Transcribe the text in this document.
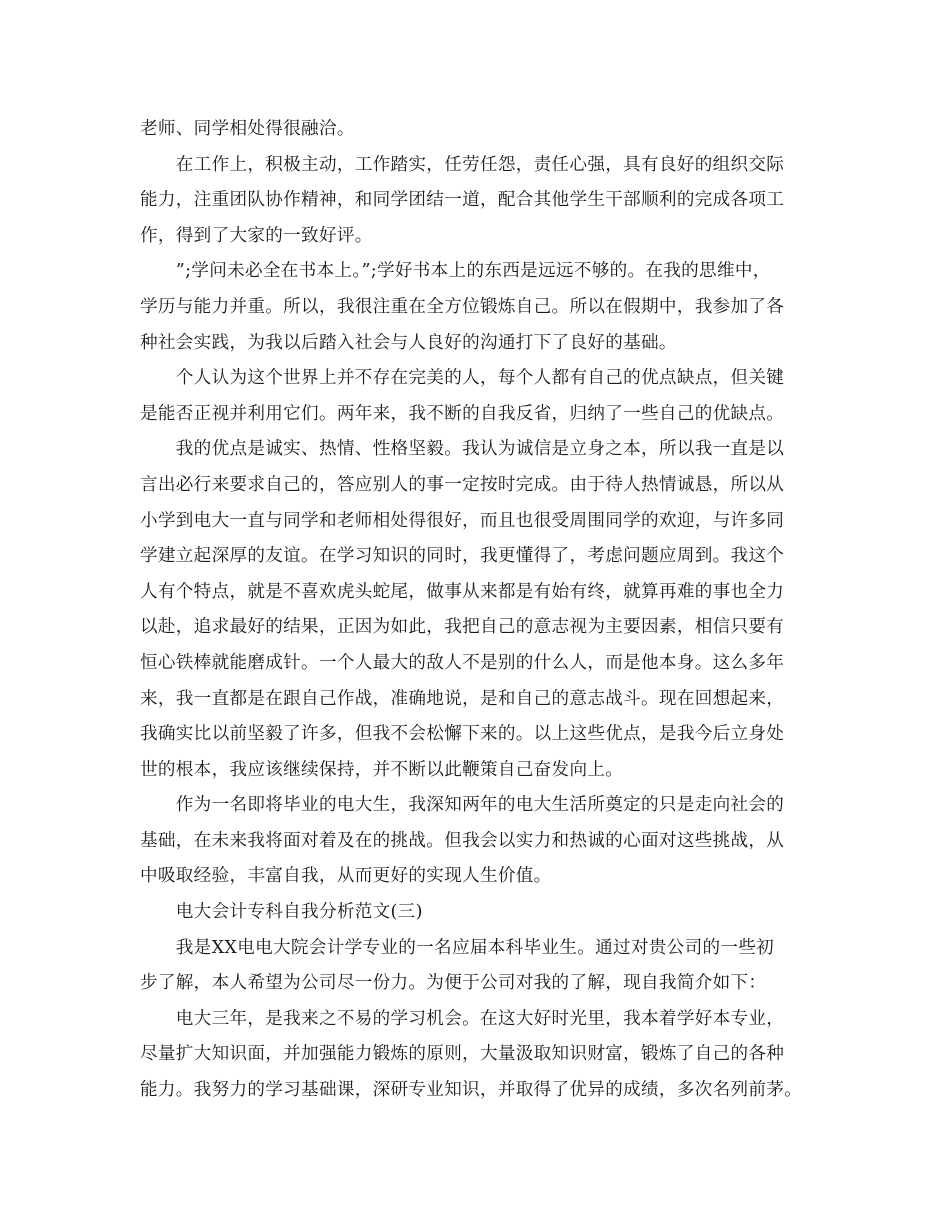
老师、同学相处得很融洽。
　　在工作上，积极主动，工作踏实，任劳任怨，责任心强，具有良好的组织交际
能力，注重团队协作精神，和同学团结一道，配合其他学生干部顺利的完成各项工
作，得到了大家的一致好评。
　　”;学问未必全在书本上。”;学好书本上的东西是远远不够的。在我的思维中，
学历与能力并重。所以，我很注重在全方位锻炼自己。所以在假期中，我参加了各
种社会实践，为我以后踏入社会与人良好的沟通打下了良好的基础。
　　个人认为这个世界上并不存在完美的人，每个人都有自己的优点缺点，但关键
是能否正视并利用它们。两年来，我不断的自我反省，归纳了一些自己的优缺点。
　　我的优点是诚实、热情、性格坚毅。我认为诚信是立身之本，所以我一直是以
言出必行来要求自己的，答应别人的事一定按时完成。由于待人热情诚恳，所以从
小学到电大一直与同学和老师相处得很好，而且也很受周围同学的欢迎，与许多同
学建立起深厚的友谊。在学习知识的同时，我更懂得了，考虑问题应周到。我这个
人有个特点，就是不喜欢虎头蛇尾，做事从来都是有始有终，就算再难的事也全力
以赴，追求最好的结果，正因为如此，我把自己的意志视为主要因素，相信只要有
恒心铁棒就能磨成针。一个人最大的敌人不是别的什么人，而是他本身。这么多年
来，我一直都是在跟自己作战，准确地说，是和自己的意志战斗。现在回想起来，
我确实比以前坚毅了许多，但我不会松懈下来的。以上这些优点，是我今后立身处
世的根本，我应该继续保持，并不断以此鞭策自己奋发向上。
　　作为一名即将毕业的电大生，我深知两年的电大生活所奠定的只是走向社会的
基础，在未来我将面对着及在的挑战。但我会以实力和热诚的心面对这些挑战，从
中吸取经验，丰富自我，从而更好的实现人生价值。
　　电大会计专科自我分析范文(三)
　　我是XX电电大院会计学专业的一名应届本科毕业生。通过对贵公司的一些初
步了解，本人希望为公司尽一份力。为便于公司对我的了解，现自我简介如下：
　　电大三年，是我来之不易的学习机会。在这大好时光里，我本着学好本专业，
尽量扩大知识面，并加强能力锻炼的原则，大量汲取知识财富，锻炼了自己的各种
能力。我努力的学习基础课，深研专业知识，并取得了优异的成绩，多次名列前茅。
